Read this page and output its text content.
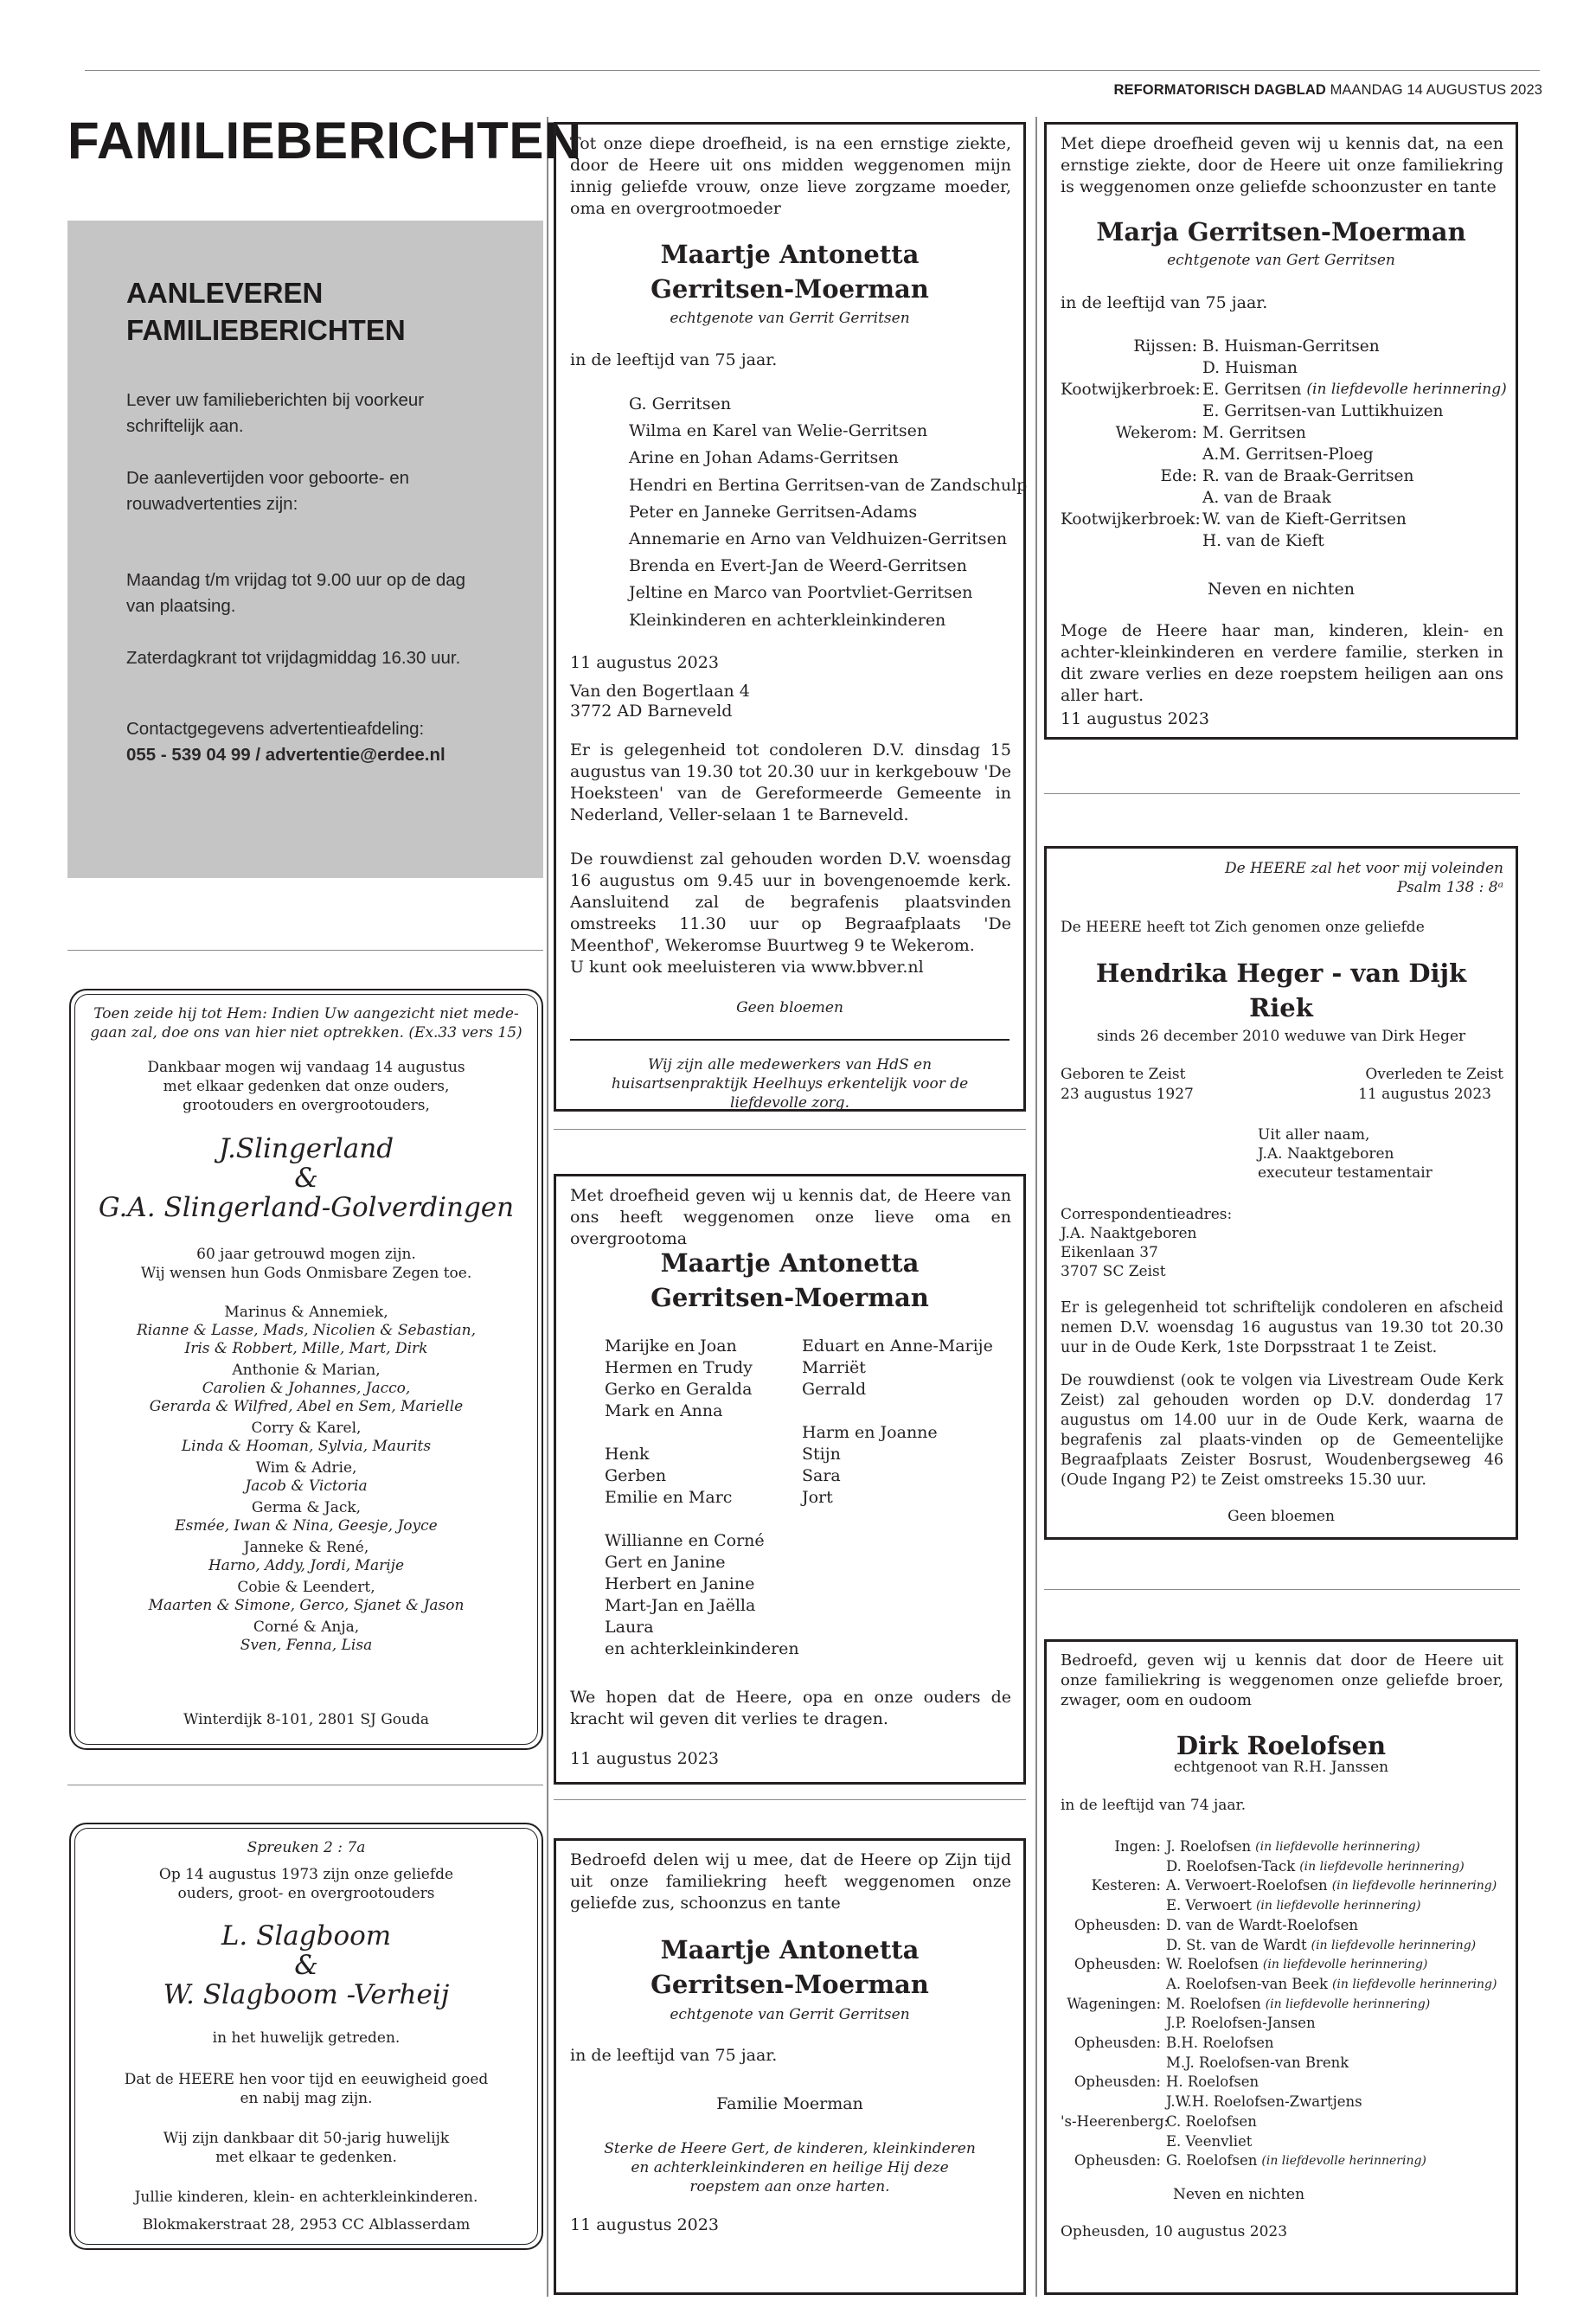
REFORMATORISCH DAGBLAD MAANDAG 14 AUGUSTUS 2023
FAMILIEBERICHTEN
AANLEVEREN FAMILIEBERICHTEN

Lever uw familieberichten bij voorkeur schriftelijk aan.

De aanlevertijden voor geboorte- en rouwadvertenties zijn:

Maandag t/m vrijdag tot 9.00 uur op de dag van plaatsing.

Zaterdagkrant tot vrijdagmiddag 16.30 uur.

Contactgegevens advertentieafdeling:

055 - 539 04 99 / advertentie@erdee.nl

Toen zeide hij tot Hem: Indien Uw aangezicht niet mede-gaan zal, doe ons van hier niet optrekken. (Ex.33 vers 15)
Dankbaar mogen wij vandaag 14 augustus
met elkaar gedenken dat onze ouders,
grootouders en overgrootouders,
J.Slingerland
&
G.A. Slingerland-Golverdingen
60 jaar getrouwd mogen zijn.
Wij wensen hun Gods Onmisbare Zegen toe.
Marinus & Annemiek,
Rianne & Lasse, Mads, Nicolien & Sebastian,
Iris & Robbert, Mille, Mart, Dirk
Anthonie & Marian,
Carolien & Johannes, Jacco,
Gerarda & Wilfred, Abel en Sem, Marielle
Corry & Karel,
Linda & Hooman, Sylvia, Maurits
Wim & Adrie,
Jacob & Victoria
Germa & Jack,
Esmée, Iwan & Nina, Geesje, Joyce
Janneke & René,
Harno, Addy, Jordi, Marije
Cobie & Leendert,
Maarten & Simone, Gerco, Sjanet & Jason
Corné & Anja,
Sven, Fenna, Lisa
Winterdijk 8-101, 2801 SJ Gouda
Spreuken 2 : 7a
Op 14 augustus 1973 zijn onze geliefde
ouders, groot- en overgrootouders
L. Slagboom
&
W. Slagboom -Verheij
in het huwelijk getreden.
Dat de HEERE hen voor tijd en eeuwigheid goed
en nabij mag zijn.
Wij zijn dankbaar dit 50-jarig huwelijk
met elkaar te gedenken.
Jullie kinderen, klein- en achterkleinkinderen.
Blokmakerstraat 28, 2953 CC Alblasserdam
Tot onze diepe droefheid, is na een ernstige ziekte, door de Heere uit ons midden weggenomen mijn innig geliefde vrouw, onze lieve zorgzame moeder, oma en overgrootmoeder
Maartje Antonetta
Gerritsen-Moerman
echtgenote van Gerrit Gerritsen
in de leeftijd van 75 jaar.
G. Gerritsen
Wilma en Karel van Welie-Gerritsen
Arine en Johan Adams-Gerritsen
Hendri en Bertina Gerritsen-van de Zandschulp
Peter en Janneke Gerritsen-Adams
Annemarie en Arno van Veldhuizen-Gerritsen
Brenda en Evert-Jan de Weerd-Gerritsen
Jeltine en Marco van Poortvliet-Gerritsen
Kleinkinderen en achterkleinkinderen
11 augustus 2023
Van den Bogertlaan 4
3772 AD Barneveld
Er is gelegenheid tot condoleren D.V. dinsdag 15 augustus van 19.30 tot 20.30 uur in kerkgebouw 'De Hoeksteen' van de Gereformeerde Gemeente in Nederland, Veller-selaan 1 te Barneveld.
De rouwdienst zal gehouden worden D.V. woensdag 16 augustus om 9.45 uur in bovengenoemde kerk. Aansluitend zal de begrafenis plaatsvinden omstreeks 11.30 uur op Begraafplaats 'De Meenthof', Wekeromse Buurtweg 9 te Wekerom.
U kunt ook meeluisteren via www.bbver.nl
Geen bloemen
Wij zijn alle medewerkers van HdS en huisartsenpraktijk Heelhuys erkentelijk voor de liefdevolle zorg.
Met droefheid geven wij u kennis dat, de Heere van ons heeft weggenomen onze lieve oma en overgrootoma
Maartje Antonetta
Gerritsen-Moerman
Marijke en Joan
Hermen en Trudy
Gerko en Geralda
Mark en Anna

Henk
Gerben
Emilie en Marc

Willianne en Corné
Gert en Janine
Herbert en Janine
Mart-Jan en Jaëlla
Laura
en achterkleinkinderen
Eduart en Anne-Marije
Marriët
Gerrald

Harm en Joanne
Stijn
Sara
Jort
We hopen dat de Heere, opa en onze ouders de kracht wil geven dit verlies te dragen.
11 augustus 2023
Bedroefd delen wij u mee, dat de Heere op Zijn tijd uit onze familiekring heeft weggenomen onze geliefde zus, schoonzus en tante
Maartje Antonetta
Gerritsen-Moerman
echtgenote van Gerrit Gerritsen
in de leeftijd van 75 jaar.
Familie Moerman
Sterke de Heere Gert, de kinderen, kleinkinderen
en achterkleinkinderen en heilige Hij deze
roepstem aan onze harten.
11 augustus 2023
Met diepe droefheid geven wij u kennis dat, na een ernstige ziekte, door de Heere uit onze familiekring is weggenomen onze geliefde schoonzuster en tante
Marja Gerritsen-Moerman
echtgenote van Gert Gerritsen
in de leeftijd van 75 jaar.
Rijssen: B. Huisman-Gerritsen
D. Huisman
Kootwijkerbroek: E. Gerritsen (in liefdevolle herinnering)
E. Gerritsen-van Luttikhuizen
Wekerom: M. Gerritsen
A.M. Gerritsen-Ploeg
Ede: R. van de Braak-Gerritsen
A. van de Braak
Kootwijkerbroek: W. van de Kieft-Gerritsen
H. van de Kieft
Neven en nichten
Moge de Heere haar man, kinderen, klein- en achter-kleinkinderen en verdere familie, sterken in dit zware verlies en deze roepstem heiligen aan ons aller hart.
11 augustus 2023
De HEERE zal het voor mij voleinden
Psalm 138 : 8ᵃ
De HEERE heeft tot Zich genomen onze geliefde
Hendrika Heger - van Dijk
Riek
sinds 26 december 2010 weduwe van Dirk Heger
Geboren te Zeist
23 augustus 1927
Overleden te Zeist
11 augustus 2023
Uit aller naam,
J.A. Naaktgeboren
executeur testamentair
Correspondentieadres:
J.A. Naaktgeboren
Eikenlaan 37
3707 SC Zeist
Er is gelegenheid tot schriftelijk condoleren en afscheid nemen D.V. woensdag 16 augustus van 19.30 tot 20.30 uur in de Oude Kerk, 1ste Dorpsstraat 1 te Zeist.
De rouwdienst (ook te volgen via Livestream Oude Kerk Zeist) zal gehouden worden op D.V. donderdag 17 augustus om 14.00 uur in de Oude Kerk, waarna de begrafenis zal plaats-vinden op de Gemeentelijke Begraafplaats Zeister Bosrust, Woudenbergseweg 46 (Oude Ingang P2) te Zeist omstreeks 15.30 uur.
Geen bloemen
Bedroefd, geven wij u kennis dat door de Heere uit onze familiekring is weggenomen onze geliefde broer, zwager, oom en oudoom
Dirk Roelofsen
echtgenoot van R.H. Janssen
in de leeftijd van 74 jaar.
Ingen: J. Roelofsen (in liefdevolle herinnering)
D. Roelofsen-Tack (in liefdevolle herinnering)
Kesteren: A. Verwoert-Roelofsen (in liefdevolle herinnering)
E. Verwoert (in liefdevolle herinnering)
Opheusden: D. van de Wardt-Roelofsen
D. St. van de Wardt (in liefdevolle herinnering)
Opheusden: W. Roelofsen (in liefdevolle herinnering)
A. Roelofsen-van Beek (in liefdevolle herinnering)
Wageningen: M. Roelofsen (in liefdevolle herinnering)
J.P. Roelofsen-Jansen
Opheusden: B.H. Roelofsen
M.J. Roelofsen-van Brenk
Opheusden: H. Roelofsen
J.W.H. Roelofsen-Zwartjens
's-Heerenberg:
C. Roelofsen
E. Veenvliet
Opheusden: G. Roelofsen (in liefdevolle herinnering)
Neven en nichten
Opheusden, 10 augustus 2023
